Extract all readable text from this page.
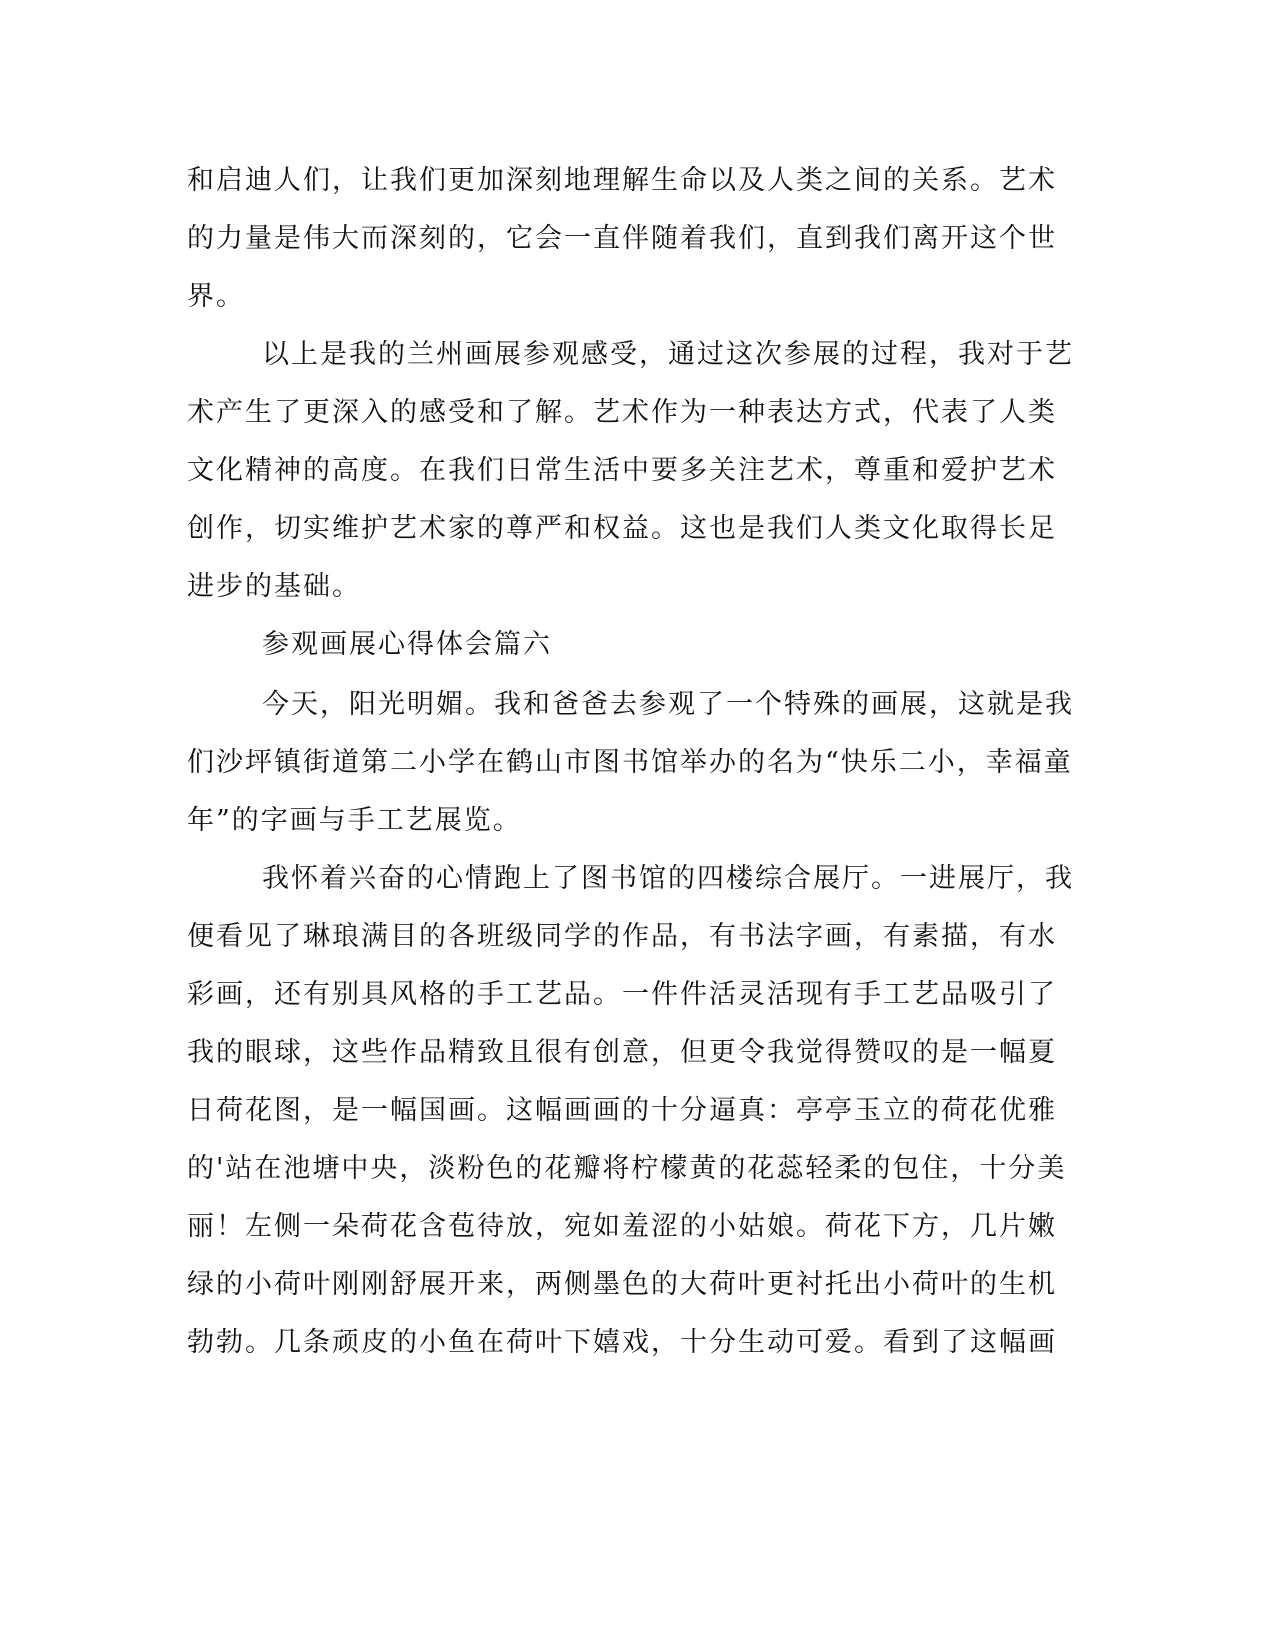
和启迪人们，让我们更加深刻地理解生命以及人类之间的关系。艺术
的力量是伟大而深刻的，它会一直伴随着我们，直到我们离开这个世
界。
以上是我的兰州画展参观感受，通过这次参展的过程，我对于艺
术产生了更深入的感受和了解。艺术作为一种表达方式，代表了人类
文化精神的高度。在我们日常生活中要多关注艺术，尊重和爱护艺术
创作，切实维护艺术家的尊严和权益。这也是我们人类文化取得长足
进步的基础。
参观画展心得体会篇六
今天，阳光明媚。我和爸爸去参观了一个特殊的画展，这就是我
们沙坪镇街道第二小学在鹤山市图书馆举办的名为“快乐二小，幸福童
年”的字画与手工艺展览。
我怀着兴奋的心情跑上了图书馆的四楼综合展厅。一进展厅，我
便看见了琳琅满目的各班级同学的作品，有书法字画，有素描，有水
彩画，还有别具风格的手工艺品。一件件活灵活现有手工艺品吸引了
我的眼球，这些作品精致且很有创意，但更令我觉得赞叹的是一幅夏
日荷花图，是一幅国画。这幅画画的十分逼真：亭亭玉立的荷花优雅
的'站在池塘中央，淡粉色的花瓣将柠檬黄的花蕊轻柔的包住，十分美
丽！左侧一朵荷花含苞待放，宛如羞涩的小姑娘。荷花下方，几片嫩
绿的小荷叶刚刚舒展开来，两侧墨色的大荷叶更衬托出小荷叶的生机
勃勃。几条顽皮的小鱼在荷叶下嬉戏，十分生动可爱。看到了这幅画
